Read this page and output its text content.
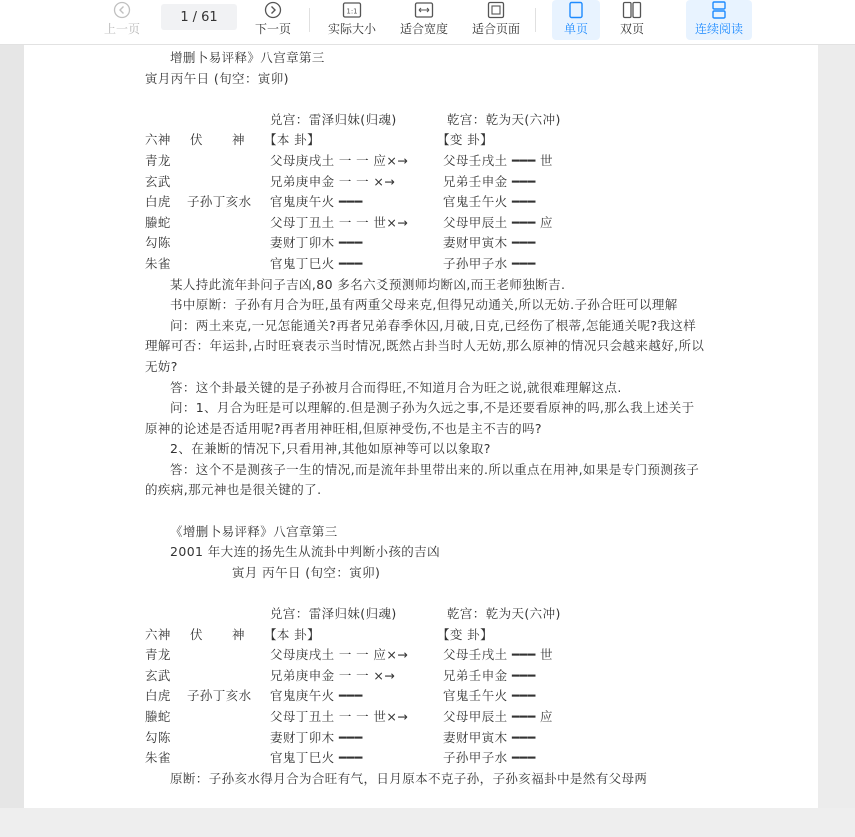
上一页
1 / 61
下一页
1:1
实际大小 适合宽度 适合页面	单页	双页	连续阅读
增删卜易评释》八宫章第三
寅月丙午日 (旬空：寅卯)
兑宫：雷泽归妹(归魂)	乾宫：乾为天(六冲)
六神 伏 神 【本 卦】	【变 卦】
青龙	父母庚戌土 一 一 应×→	父母壬戌土 ━━━ 世
玄武	兄弟庚申金 一 一 ×→	兄弟壬申金 ━━━
白虎 子孙丁亥水 官鬼庚午火 ━━━	官鬼壬午火 ━━━
螣蛇	父母丁丑土 一 一 世×→	父母甲辰土 ━━━ 应
勾陈	妻财丁卯木 ━━━	妻财甲寅木 ━━━
朱雀	官鬼丁巳火 ━━━	子孙甲子水 ━━━
某人持此流年卦问子吉凶,80 多名六爻预测师均断凶,而王老师独断吉.
书中原断：子孙有月合为旺,虽有两重父母来克,但得兄动通关,所以无妨.子孙合旺可以理解
问：两土来克,一兄怎能通关?再者兄弟春季休囚,月破,日克,已经伤了根蒂,怎能通关呢?我这样理解可否：年运卦,占时旺衰表示当时情况,既然占卦当时人无妨,那么原神的情况只会越来越好,所以无妨?
答：这个卦最关键的是子孙被月合而得旺,不知道月合为旺之说,就很难理解这点.
问：1、月合为旺是可以理解的.但是测子孙为久远之事,不是还要看原神的吗,那么我上述关于原神的论述是否适用呢?再者用神旺相,但原神受伤,不也是主不吉的吗?
2、在兼断的情况下,只看用神,其他如原神等可以以象取?
答：这个不是测孩子一生的情况,而是流年卦里带出来的.所以重点在用神,如果是专门预测孩子的疾病,那元神也是很关键的了.
《增删卜易评释》八宫章第三
2001 年大连的扬先生从流卦中判断小孩的吉凶
寅月 丙午日 (旬空：寅卯)
兑宫：雷泽归妹(归魂)	乾宫：乾为天(六冲)
六神 伏 神 【本 卦】	【变 卦】
青龙	父母庚戌土 一 一 应×→	父母壬戌土 ━━━ 世
玄武	兄弟庚申金 一 一 ×→	兄弟壬申金 ━━━
白虎 子孙丁亥水 官鬼庚午火 ━━━	官鬼壬午火 ━━━
螣蛇	父母丁丑土 一 一 世×→	父母甲辰土 ━━━ 应
勾陈	妻财丁卯木 ━━━	妻财甲寅木 ━━━
朱雀	官鬼丁巳火 ━━━	子孙甲子水 ━━━
原断：子孙亥水得月合为合旺有气，日月原本不克子孙，子孙亥福卦中是然有父母两
